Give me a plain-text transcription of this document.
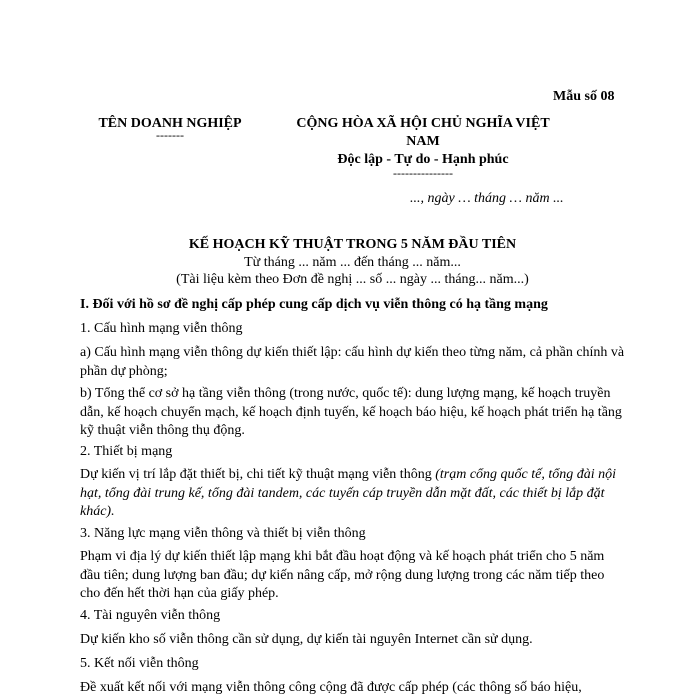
Mẫu số 08
TÊN DOANH NGHIỆP
-------
CỘNG HÒA XÃ HỘI CHỦ NGHĨA VIỆT
NAM
Độc lập - Tự do - Hạnh phúc
---------------
..., ngày … tháng … năm ...
KẾ HOẠCH KỸ THUẬT TRONG 5 NĂM ĐẦU TIÊN
Từ tháng ... năm ... đến tháng ... năm...
(Tài liệu kèm theo Đơn đề nghị ... số ... ngày ... tháng... năm...)
I. Đối với hồ sơ đề nghị cấp phép cung cấp dịch vụ viễn thông có hạ tầng mạng
1. Cấu hình mạng viễn thông
a) Cấu hình mạng viễn thông dự kiến thiết lập: cấu hình dự kiến theo từng năm, cả phần chính và phần dự phòng;
b) Tổng thể cơ sở hạ tầng viễn thông (trong nước, quốc tế): dung lượng mạng, kế hoạch truyền dẫn, kế hoạch chuyển mạch, kế hoạch định tuyến, kế hoạch báo hiệu, kế hoạch phát triển hạ tầng kỹ thuật viễn thông thụ động.
2. Thiết bị mạng
Dự kiến vị trí lắp đặt thiết bị, chi tiết kỹ thuật mạng viễn thông (trạm cổng quốc tế, tổng đài nội hạt, tổng đài trung kế, tổng đài tandem, các tuyến cáp truyền dẫn mặt đất, các thiết bị lắp đặt khác).
3. Năng lực mạng viễn thông và thiết bị viễn thông
Phạm vi địa lý dự kiến thiết lập mạng khi bắt đầu hoạt động và kế hoạch phát triển cho 5 năm đầu tiên; dung lượng ban đầu; dự kiến nâng cấp, mở rộng dung lượng trong các năm tiếp theo cho đến hết thời hạn của giấy phép.
4. Tài nguyên viễn thông
Dự kiến kho số viễn thông cần sử dụng, dự kiến tài nguyên Internet cần sử dụng.
5. Kết nối viễn thông
Đề xuất kết nối với mạng viễn thông công cộng đã được cấp phép (các thông số báo hiệu,
